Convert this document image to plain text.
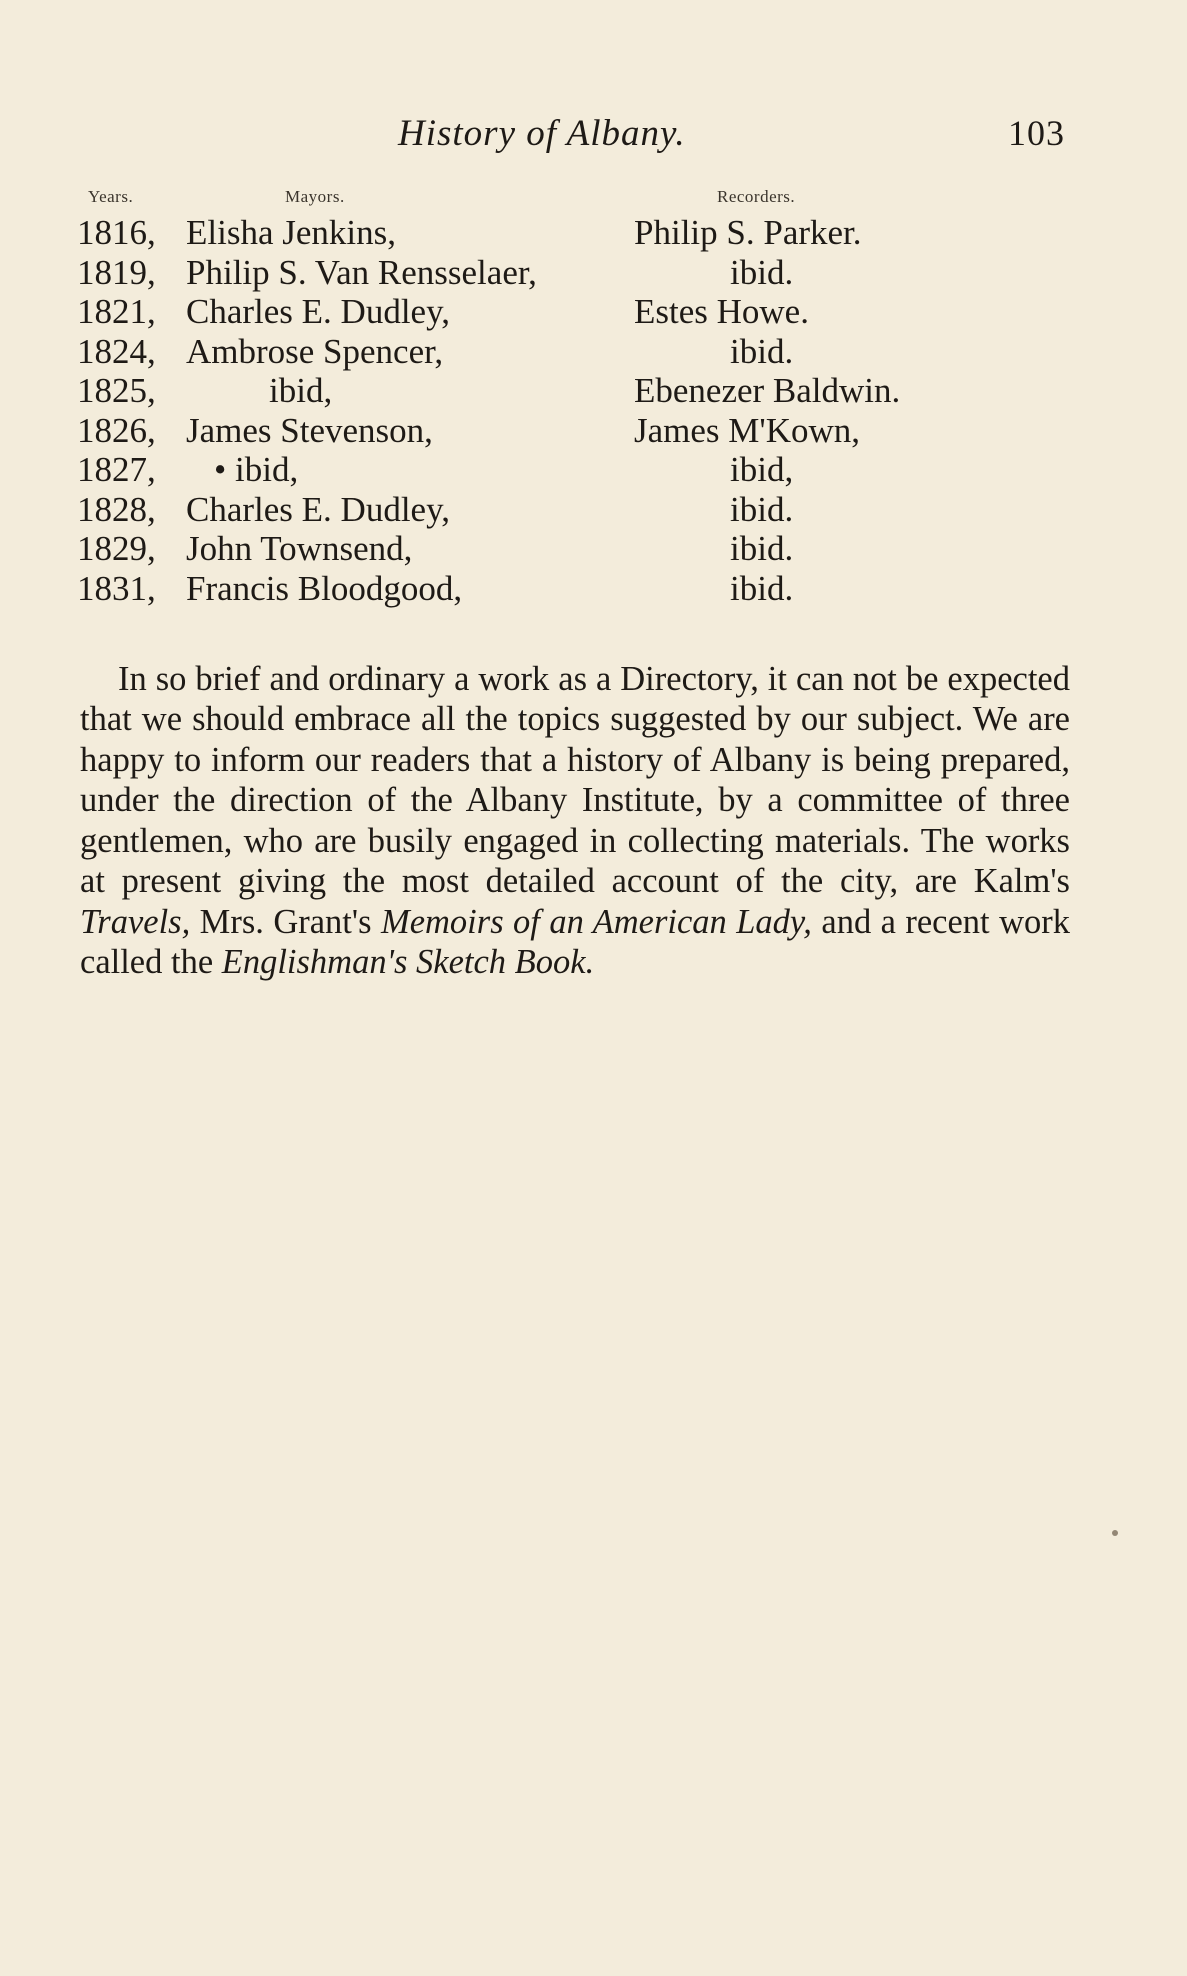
History of Albany.	103
Years.	Mayors.	Recorders.
1816, Elisha Jenkins,	Philip S. Parker.
1819, Philip S. Van Rensselaer,	ibid.
1821, Charles E. Dudley,	Estes Howe.
1824, Ambrose Spencer,	ibid.
1825,	ibid,	Ebenezer Baldwin.
1826, James Stevenson,	James M'Kown,
1827, • ibid,	ibid,
1828, Charles E. Dudley,	ibid.
1829, John Townsend,	ibid.
1831, Francis Bloodgood,	ibid.

In so brief and ordinary a work as a Directory, it can not be expected that we should embrace all the topics suggested by our subject. We are happy to inform our readers that a history of Albany is being prepared, under the direction of the Albany Institute, by a committee of three gentlemen, who are busily engaged in collecting materials. The works at present giving the most detailed account of the city, are Kalm's Travels, Mrs. Grant's Memoirs of an American Lady, and a recent work called the Englishman's Sketch Book.
